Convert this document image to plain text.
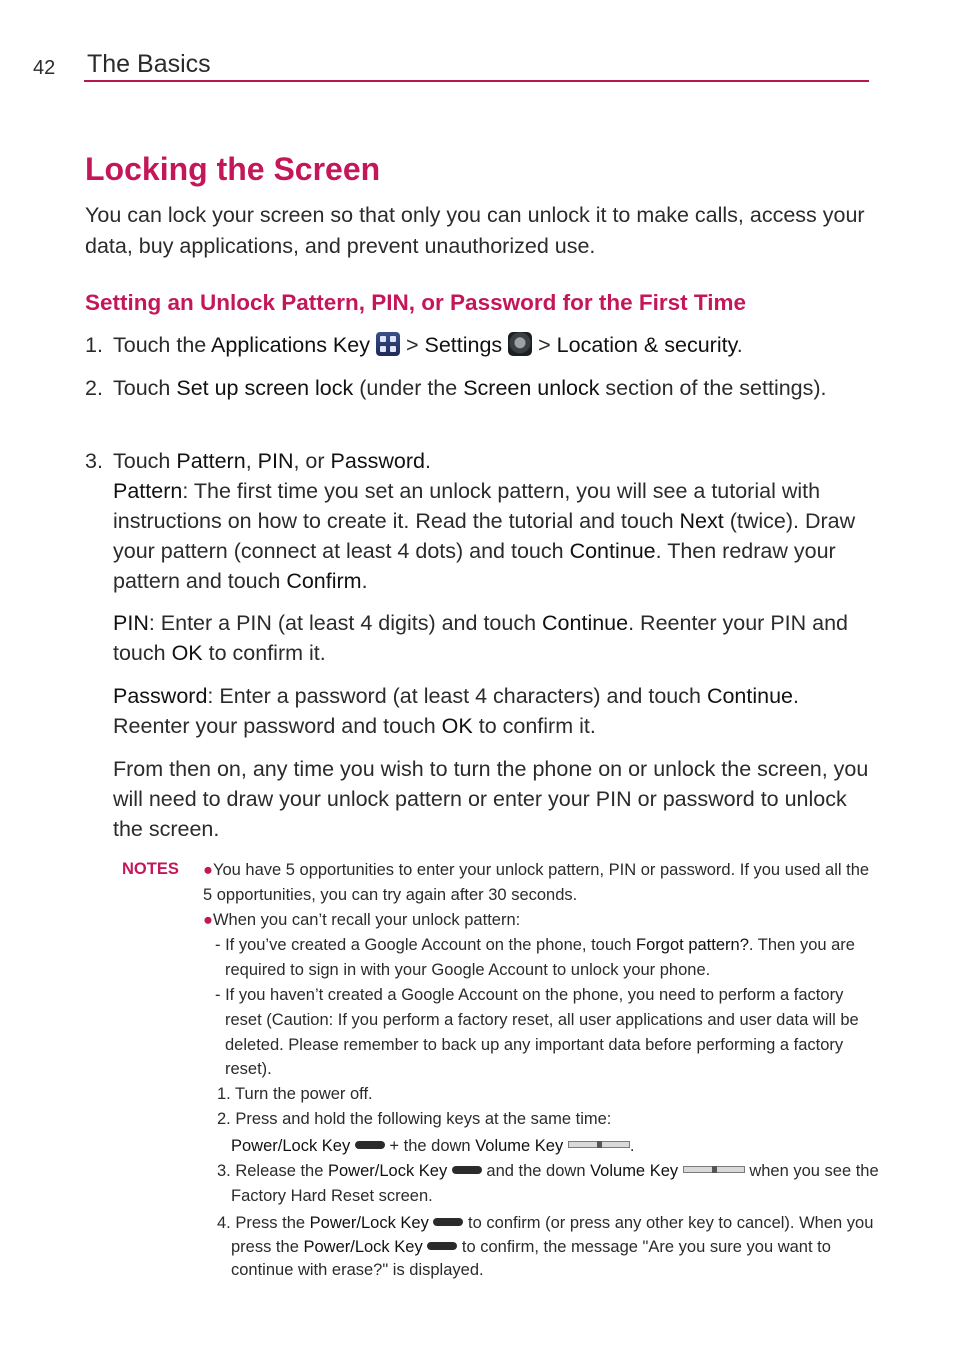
42 The Basics
Locking the Screen

You can lock your screen so that only you can unlock it to make calls, access your data, buy applications, and prevent unauthorized use.

Setting an Unlock Pattern, PIN, or Password for the First Time
1. Touch the Applications Key
> Settings  > Location & security.
2. Touch Set up screen lock (under the Screen unlock section of the settings).
3. Touch Pattern, PIN, or Password.

Pattern: The first time you set an unlock pattern, you will see a tutorial with instructions on how to create it. Read the tutorial and touch Next (twice). Draw your pattern (connect at least 4 dots) and touch Continue. Then redraw your pattern and touch Confirm.

PIN: Enter a PIN (at least 4 digits) and touch Continue. Reenter your PIN and touch OK to confirm it.

Password: Enter a password (at least 4 characters) and touch Continue. Reenter your password and touch OK to confirm it.

From then on, any time you wish to turn the phone on or unlock the screen, you will need to draw your unlock pattern or enter your PIN or password to unlock the screen.

NOTES ●You have 5 opportunities to enter your unlock pattern, PIN or password. If you used all the 5 opportunities, you can try again after 30 seconds.
●When you can’t recall your unlock pattern:
- If you’ve created a Google Account on the phone, touch Forgot pattern?. Then you are required to sign in with your Google Account to unlock your phone.
- If you haven’t created a Google Account on the phone, you need to perform a factory reset (Caution: If you perform a factory reset, all user applications and user data will be deleted. Please remember to back up any important data before performing a factory reset).
1. Turn the power off.
2. Press and hold the following keys at the same time:
Power/Lock Key  + the down Volume Key	.
3. Release the Power/Lock Key  and the down Volume Key	when you see the Factory Hard Reset screen.
4. Press the Power/Lock Key  to confirm (or press any other key to cancel). When you press the Power/Lock Key  to confirm, the message "Are you sure you want to continue with erase?" is displayed.
